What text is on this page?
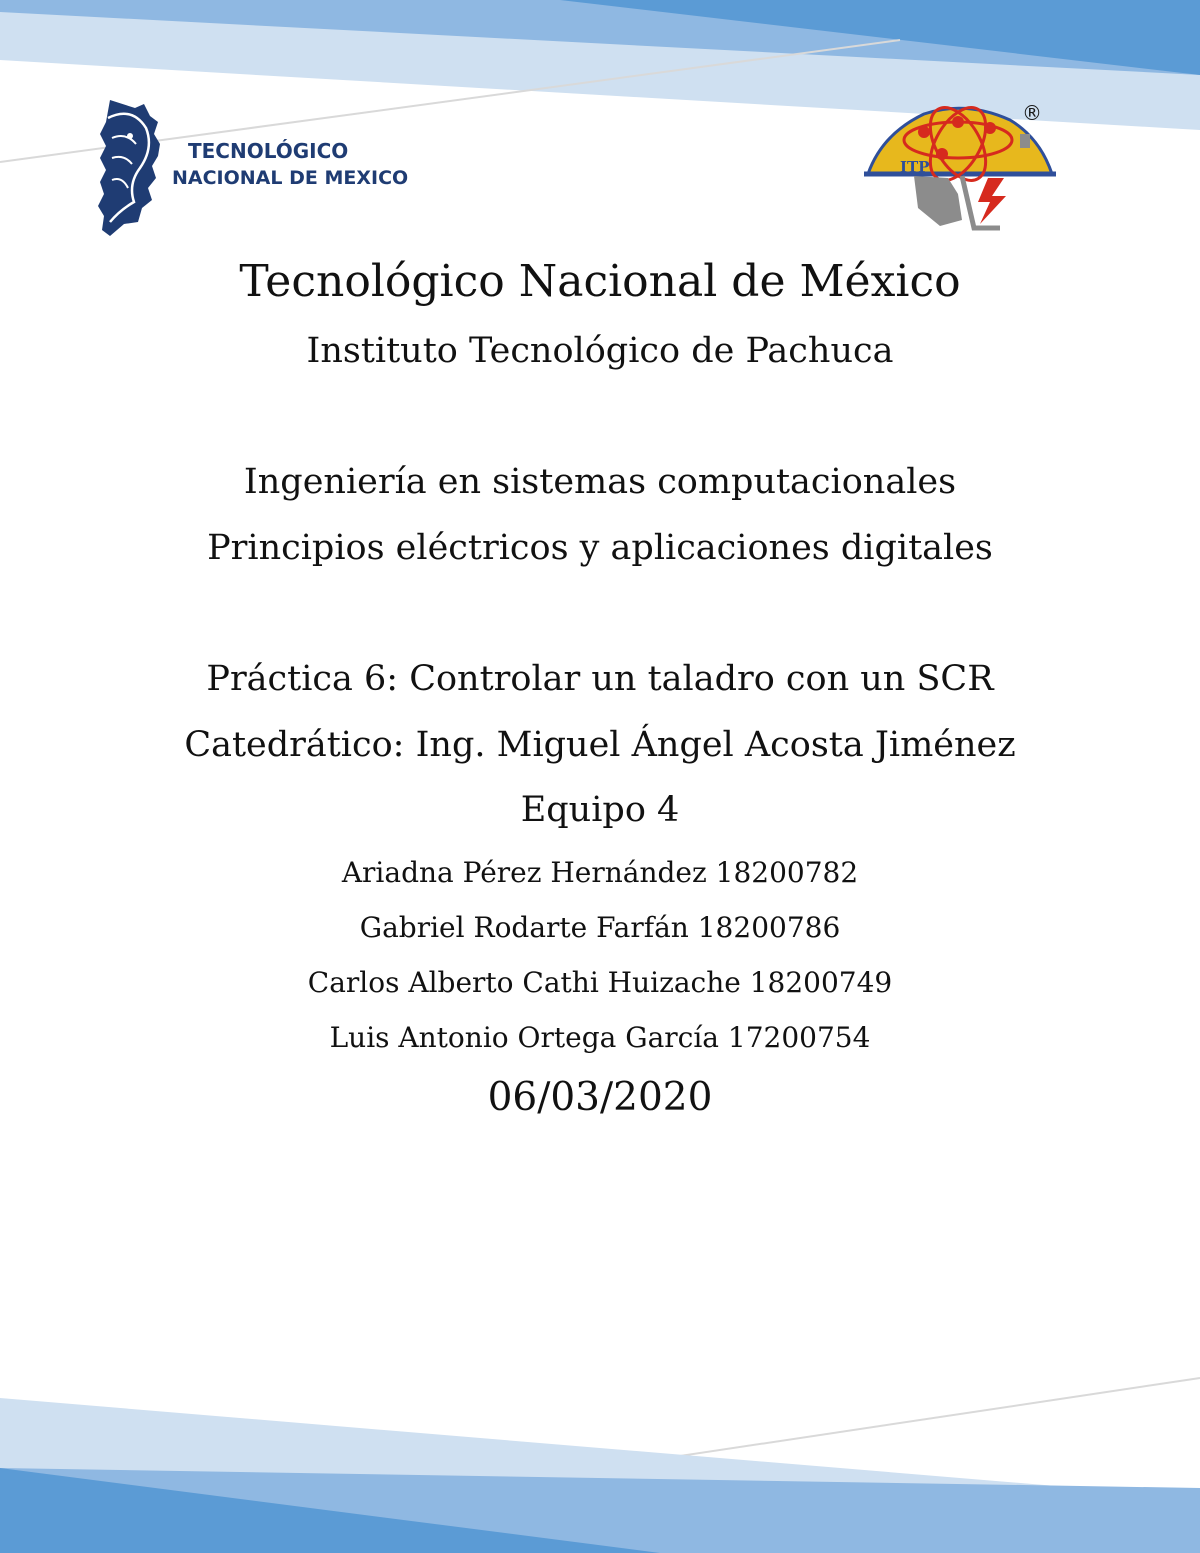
TECNOLÓGICO
NACIONAL DE MEXICO	ITP
®
Tecnológico Nacional de México
Instituto Tecnológico de Pachuca
Ingeniería en sistemas computacionales
Principios eléctricos y aplicaciones digitales
Práctica 6: Controlar un taladro con un SCR
Catedrático: Ing. Miguel Ángel Acosta Jiménez
Equipo 4
Ariadna Pérez Hernández 18200782
Gabriel Rodarte Farfán 18200786
Carlos Alberto Cathi Huizache 18200749
Luis Antonio Ortega García 17200754
06/03/2020
